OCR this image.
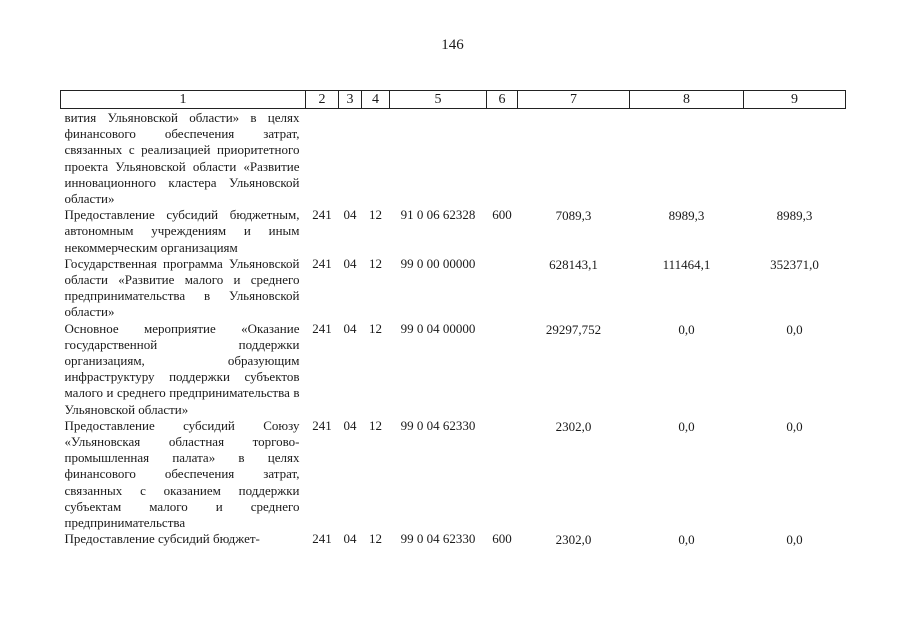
146
1	2	3	4	5	6	7	8	9
вития Ульяновской области» в целях финансового обеспечения затрат, связанных с реализацией приоритетного проекта Ульяновской области «Развитие инновационного кластера Ульяновской области»								
Предоставление субсидий бюджетным, автономным учреждениям и иным некоммерческим организациям	241	04	12	91 0 06 62328	600	7089,3	8989,3	8989,3
Государственная программа Ульяновской области «Развитие малого и среднего предпринимательства в Ульяновской области»	241	04	12	99 0 00 00000		628143,1	111464,1	352371,0
Основное мероприятие «Оказание государственной поддержки организациям, образующим инфраструктуру поддержки субъектов малого и среднего предпринимательства в Ульяновской области»	241	04	12	99 0 04 00000		29297,752	0,0	0,0
Предоставление субсидий Союзу «Ульяновская областная торгово-промышленная палата» в целях финансового обеспечения затрат, связанных с оказанием поддержки субъектам малого и среднего предпринимательства	241	04	12	99 0 04 62330		2302,0	0,0	0,0
Предоставление субсидий бюджет-	241	04	12	99 0 04 62330	600	2302,0	0,0	0,0
